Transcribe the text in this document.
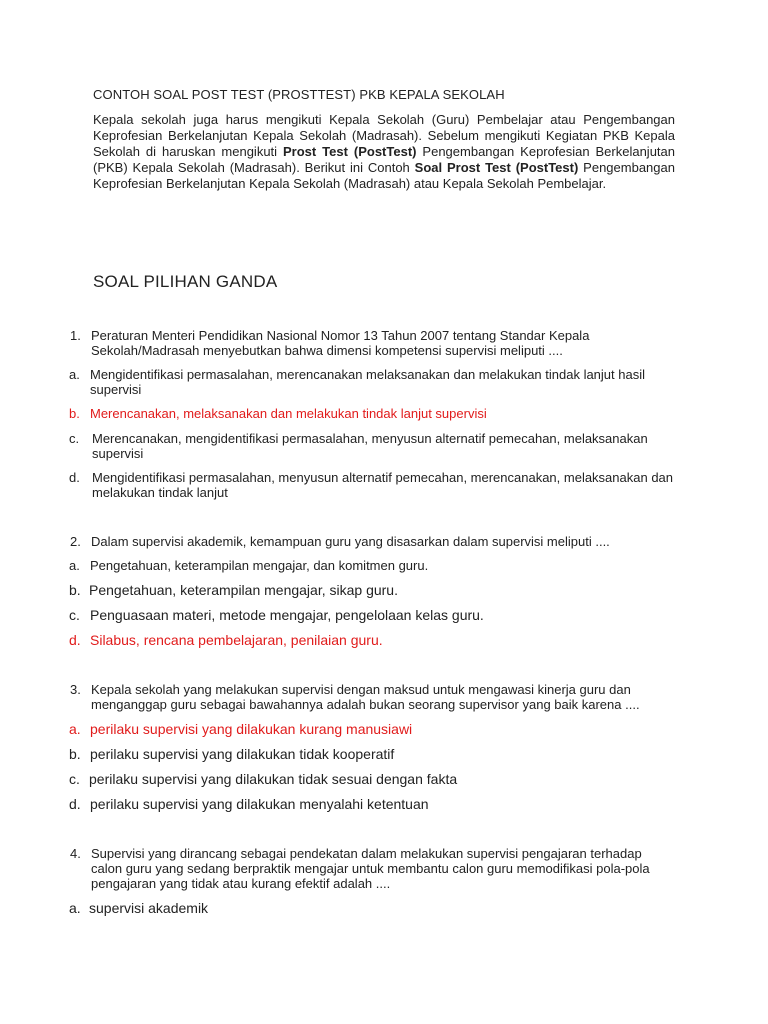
CONTOH SOAL POST TEST (PROSTTEST) PKB KEPALA SEKOLAH
Kepala sekolah juga harus mengikuti Kepala Sekolah (Guru) Pembelajar atau Pengembangan Keprofesian Berkelanjutan Kepala Sekolah (Madrasah). Sebelum mengikuti Kegiatan PKB Kepala Sekolah di haruskan mengikuti Prost Test (PostTest) Pengembangan Keprofesian Berkelanjutan (PKB) Kepala Sekolah (Madrasah). Berikut ini Contoh Soal Prost Test (PostTest) Pengembangan Keprofesian Berkelanjutan Kepala Sekolah (Madrasah) atau Kepala Sekolah Pembelajar.
SOAL PILIHAN GANDA
1. Peraturan Menteri Pendidikan Nasional Nomor 13 Tahun 2007 tentang Standar Kepala Sekolah/Madrasah menyebutkan bahwa dimensi kompetensi supervisi meliputi ....
a. Mengidentifikasi permasalahan, merencanakan melaksanakan dan melakukan tindak lanjut hasil supervisi
b. Merencanakan, melaksanakan dan melakukan tindak lanjut supervisi
c. Merencanakan, mengidentifikasi permasalahan, menyusun alternatif pemecahan, melaksanakan supervisi
d. Mengidentifikasi permasalahan, menyusun alternatif pemecahan, merencanakan, melaksanakan dan melakukan tindak lanjut
2. Dalam supervisi akademik, kemampuan guru yang disasarkan dalam supervisi meliputi ....
a. Pengetahuan, keterampilan mengajar, dan komitmen guru.
b. Pengetahuan, keterampilan mengajar, sikap guru.
c. Penguasaan materi, metode mengajar, pengelolaan kelas guru.
d. Silabus, rencana pembelajaran, penilaian guru.
3. Kepala sekolah yang melakukan supervisi dengan maksud untuk mengawasi kinerja guru dan menganggap guru sebagai bawahannya adalah bukan seorang supervisor yang baik karena ....
a. perilaku supervisi yang dilakukan kurang manusiawi
b. perilaku supervisi yang dilakukan tidak kooperatif
c. perilaku supervisi yang dilakukan tidak sesuai dengan fakta
d. perilaku supervisi yang dilakukan menyalahi ketentuan
4. Supervisi yang dirancang sebagai pendekatan dalam melakukan supervisi pengajaran terhadap calon guru yang sedang berpraktik mengajar untuk membantu calon guru memodifikasi pola-pola pengajaran yang tidak atau kurang efektif adalah ....
a. supervisi akademik
